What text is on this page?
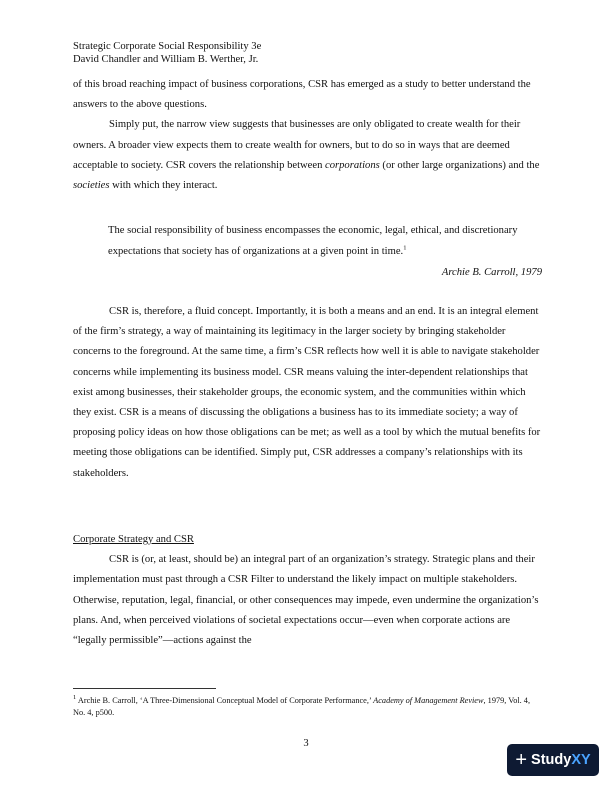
Strategic Corporate Social Responsibility 3e
David Chandler and William B. Werther, Jr.

of this broad reaching impact of business corporations, CSR has emerged as a study to better understand the answers to the above questions.

Simply put, the narrow view suggests that businesses are only obligated to create wealth for their owners. A broader view expects them to create wealth for owners, but to do so in ways that are deemed acceptable to society. CSR covers the relationship between corporations (or other large organizations) and the societies with which they interact.

The social responsibility of business encompasses the economic, legal, ethical, and discretionary expectations that society has of organizations at a given point in time.$^1$

Archie B. Carroll, 1979

CSR is, therefore, a fluid concept. Importantly, it is both a means and an end. It is an integral element of the firm’s strategy, a way of maintaining its legitimacy in the larger society by bringing stakeholder concerns to the foreground. At the same time, a firm’s CSR reflects how well it is able to navigate stakeholder concerns while implementing its business model. CSR means valuing the inter-dependent relationships that exist among businesses, their stakeholder groups, the economic system, and the communities within which they exist. CSR is a means of discussing the obligations a business has to its immediate society; a way of proposing policy ideas on how those obligations can be met; as well as a tool by which the mutual benefits for meeting those obligations can be identified. Simply put, CSR addresses a company’s relationships with its stakeholders.

Corporate Strategy and CSR

CSR is (or, at least, should be) an integral part of an organization’s strategy. Strategic plans and their implementation must past through a CSR Filter to understand the likely impact on multiple stakeholders. Otherwise, reputation, legal, financial, or other consequences may impede, even undermine the organization’s plans. And, when perceived violations of societal expectations occur—even when corporate actions are “legally permissible”—actions against the

$^1$ Archie B. Carroll, ‘A Three-Dimensional Conceptual Model of Corporate Performance,’ Academy of Management Review, 1979, Vol. 4, No. 4, p500.
3
+ Study XY
